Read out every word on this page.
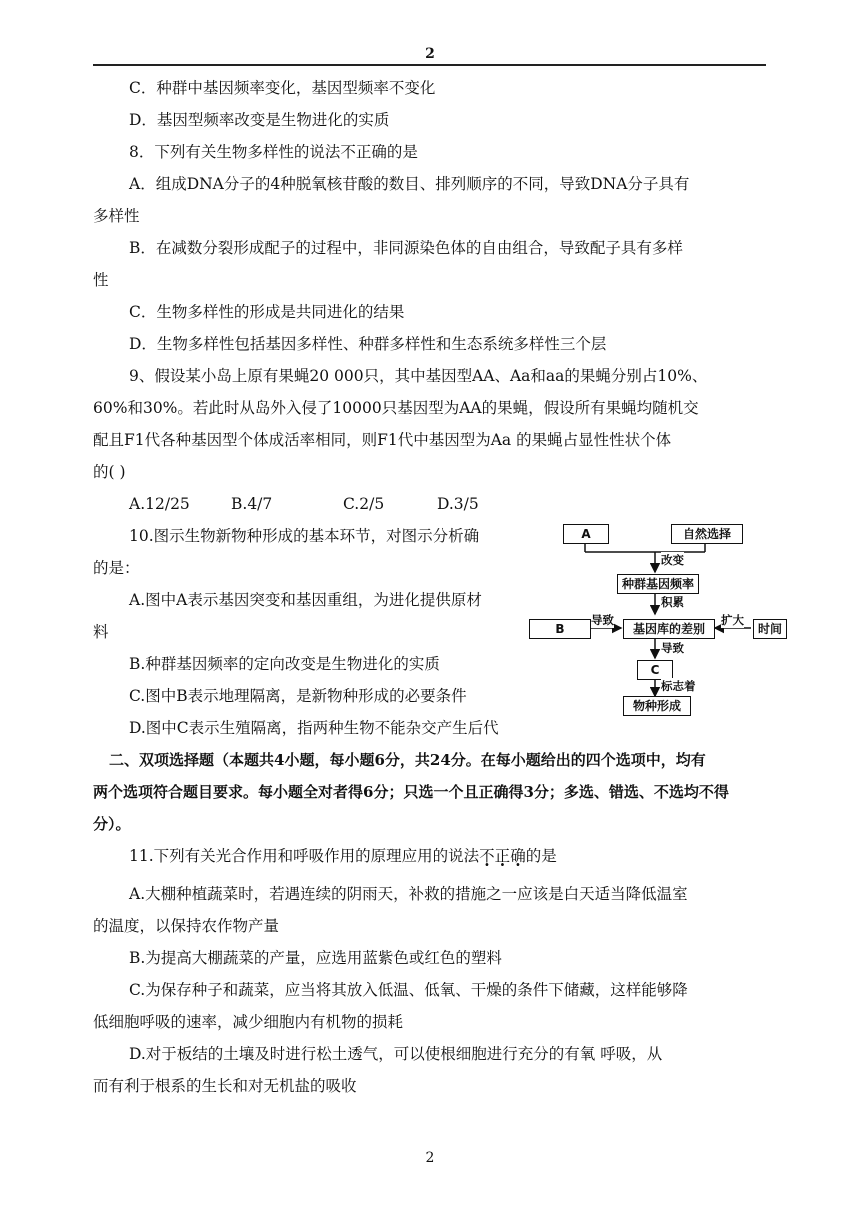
2
C．种群中基因频率变化，基因型频率不变化
D．基因型频率改变是生物进化的实质
8．下列有关生物多样性的说法不正确的是
A．组成DNA分子的4种脱氧核苷酸的数目、排列顺序的不同，导致DNA分子具有
多样性
B．在减数分裂形成配子的过程中，非同源染色体的自由组合，导致配子具有多样
性
C．生物多样性的形成是共同进化的结果
D．生物多样性包括基因多样性、种群多样性和生态系统多样性三个层
9、假设某小岛上原有果蝇20 000只，其中基因型AA、Aa和aa的果蝇分别占10%、
60%和30%。若此时从岛外入侵了10000只基因型为AA的果蝇，假设所有果蝇均随机交
配且F1代各种基因型个体成活率相同，则F1代中基因型为Aa 的果蝇占显性性状个体
的( )
A.12/25	B.4/7	C.2/5	D.3/5
10.图示生物新物种形成的基本环节，对图示分析确
的是：
A.图中A表示基因突变和基因重组，为进化提供原材
料
B.种群基因频率的定向改变是生物进化的实质
C.图中B表示地理隔离，是新物种形成的必要条件
D.图中C表示生殖隔离，指两种生物不能杂交产生后代
二、双项选择题（本题共4小题，每小题6分，共24分。在每小题给出的四个选项中，均有
两个选项符合题目要求。每小题全对者得6分；只选一个且正确得3分；多选、错选、不选均不得
分）。
11.下列有关光合作用和呼吸作用的原理应用的说法不正确的是
A.大棚种植蔬菜时，若遇连续的阴雨天，补救的措施之一应该是白天适当降低温室
的温度，以保持农作物产量
B.为提高大棚蔬菜的产量，应选用蓝紫色或红色的塑料
C.为保存种子和蔬菜，应当将其放入低温、低氧、干燥的条件下储藏，这样能够降
低细胞呼吸的速率，减少细胞内有机物的损耗
D.对于板结的土壤及时进行松土透气，可以使根细胞进行充分的有氧 呼吸，从
而有利于根系的生长和对无机盐的吸收
A	自然选择
改变
种群基因频率
积累
B
导致
基因库的差别
扩大
时间
导致
C
标志着
物种形成
2
